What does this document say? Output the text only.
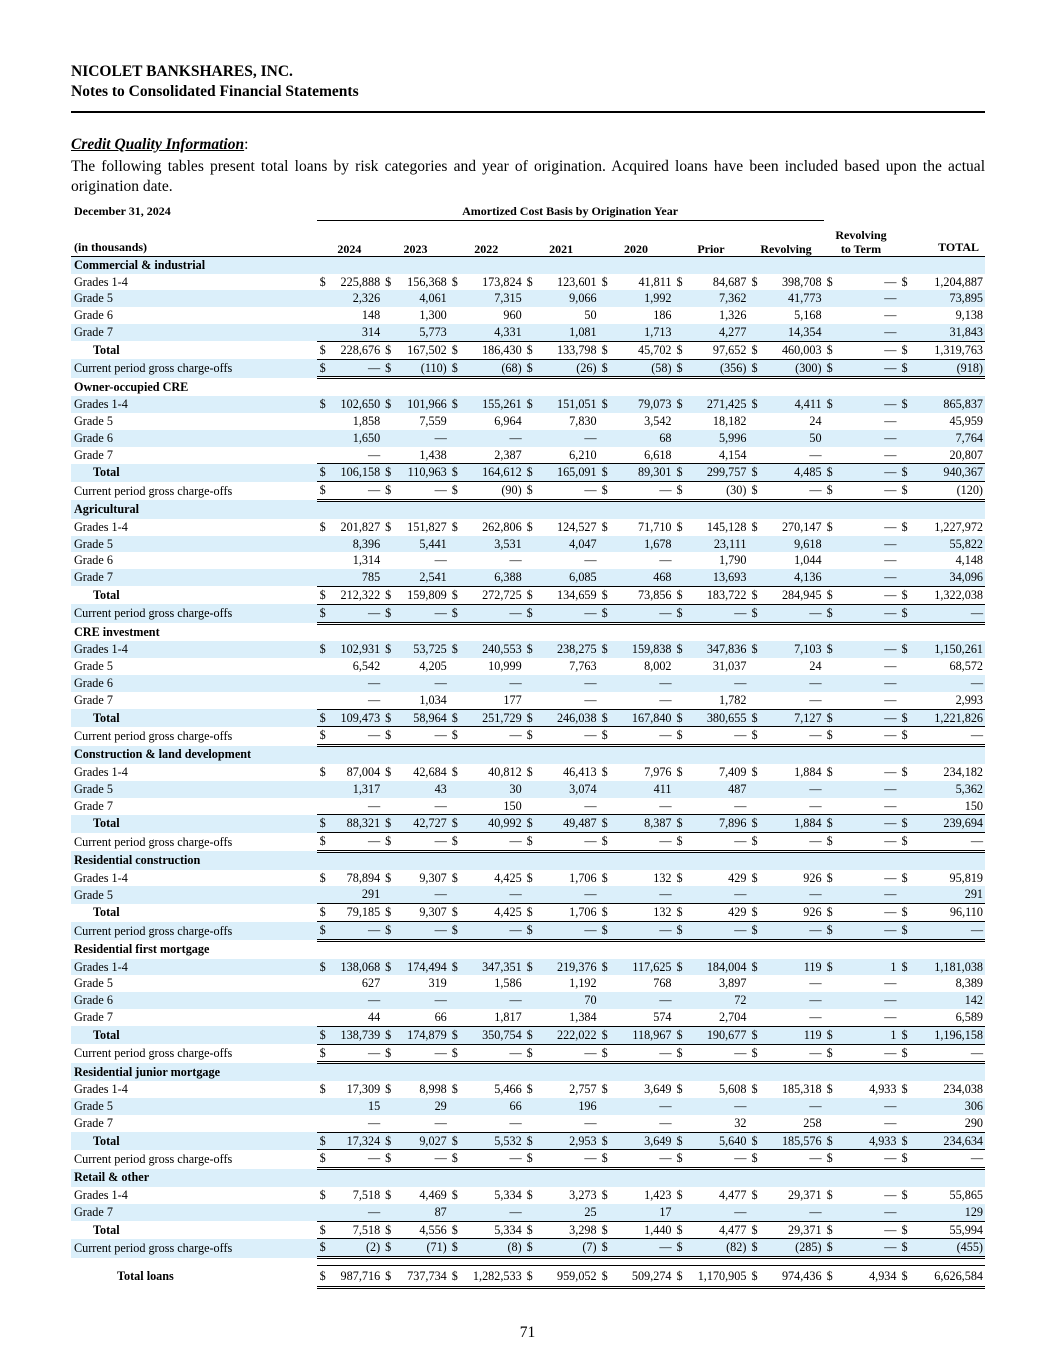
NICOLET BANKSHARES, INC.
Notes to Consolidated Financial Statements
Credit Quality Information:
The following tables present total loans by risk categories and year of origination. Acquired loans have been included based upon the actual origination date.
December 31, 2024	Amortized Cost Basis by Origination Year																	
(in thousands)	2024		2023		2022		2021		2020		Prior		Revolving		Revolving
to Term		TOTAL	
Commercial & industrial																		
Grades 1-4	$	225,888	$	156,368	$	173,824	$	123,601	$	41,811	$	84,687	$	398,708	$	—	$	1,204,887
Grade 5		2,326		4,061		7,315		9,066		1,992		7,362		41,773		—		73,895
Grade 6		148		1,300		960		50		186		1,326		5,168		—		9,138
Grade 7		314		5,773		4,331		1,081		1,713		4,277		14,354		—		31,843
Total	$	228,676	$	167,502	$	186,430	$	133,798	$	45,702	$	97,652	$	460,003	$	—	$	1,319,763
Current period gross charge-offs	$	—	$	(110)	$	(68)	$	(26)	$	(58)	$	(356)	$	(300)	$	—	$	(918)
Owner-occupied CRE																		
Grades 1-4	$	102,650	$	101,966	$	155,261	$	151,051	$	79,073	$	271,425	$	4,411	$	—	$	865,837
Grade 5		1,858		7,559		6,964		7,830		3,542		18,182		24		—		45,959
Grade 6		1,650		—		—		—		68		5,996		50		—		7,764
Grade 7		—		1,438		2,387		6,210		6,618		4,154		—		—		20,807
Total	$	106,158	$	110,963	$	164,612	$	165,091	$	89,301	$	299,757	$	4,485	$	—	$	940,367
Current period gross charge-offs	$	—	$	—	$	(90)	$	—	$	—	$	(30)	$	—	$	—	$	(120)
Agricultural																		
Grades 1-4	$	201,827	$	151,827	$	262,806	$	124,527	$	71,710	$	145,128	$	270,147	$	—	$	1,227,972
Grade 5		8,396		5,441		3,531		4,047		1,678		23,111		9,618		—		55,822
Grade 6		1,314		—		—		—		—		1,790		1,044		—		4,148
Grade 7		785		2,541		6,388		6,085		468		13,693		4,136		—		34,096
Total	$	212,322	$	159,809	$	272,725	$	134,659	$	73,856	$	183,722	$	284,945	$	—	$	1,322,038
Current period gross charge-offs	$	—	$	—	$	—	$	—	$	—	$	—	$	—	$	—	$	—
CRE investment																		
Grades 1-4	$	102,931	$	53,725	$	240,553	$	238,275	$	159,838	$	347,836	$	7,103	$	—	$	1,150,261
Grade 5		6,542		4,205		10,999		7,763		8,002		31,037		24		—		68,572
Grade 6		—		—		—		—		—		—		—		—		—
Grade 7		—		1,034		177		—		—		1,782		—		—		2,993
Total	$	109,473	$	58,964	$	251,729	$	246,038	$	167,840	$	380,655	$	7,127	$	—	$	1,221,826
Current period gross charge-offs	$	—	$	—	$	—	$	—	$	—	$	—	$	—	$	—	$	—
Construction & land development																		
Grades 1-4	$	87,004	$	42,684	$	40,812	$	46,413	$	7,976	$	7,409	$	1,884	$	—	$	234,182
Grade 5		1,317		43		30		3,074		411		487		—		—		5,362
Grade 7		—		—		150		—		—		—		—		—		150
Total	$	88,321	$	42,727	$	40,992	$	49,487	$	8,387	$	7,896	$	1,884	$	—	$	239,694
Current period gross charge-offs	$	—	$	—	$	—	$	—	$	—	$	—	$	—	$	—	$	—
Residential construction																		
Grades 1-4	$	78,894	$	9,307	$	4,425	$	1,706	$	132	$	429	$	926	$	—	$	95,819
Grade 5		291		—		—		—		—		—		—		—		291
Total	$	79,185	$	9,307	$	4,425	$	1,706	$	132	$	429	$	926	$	—	$	96,110
Current period gross charge-offs	$	—	$	—	$	—	$	—	$	—	$	—	$	—	$	—	$	—
Residential first mortgage																		
Grades 1-4	$	138,068	$	174,494	$	347,351	$	219,376	$	117,625	$	184,004	$	119	$	1	$	1,181,038
Grade 5		627		319		1,586		1,192		768		3,897		—		—		8,389
Grade 6		—		—		—		70		—		72		—		—		142
Grade 7		44		66		1,817		1,384		574		2,704		—		—		6,589
Total	$	138,739	$	174,879	$	350,754	$	222,022	$	118,967	$	190,677	$	119	$	1	$	1,196,158
Current period gross charge-offs	$	—	$	—	$	—	$	—	$	—	$	—	$	—	$	—	$	—
Residential junior mortgage																		
Grades 1-4	$	17,309	$	8,998	$	5,466	$	2,757	$	3,649	$	5,608	$	185,318	$	4,933	$	234,038
Grade 5		15		29		66		196		—		—		—		—		306
Grade 7		—		—		—		—		—		32		258		—		290
Total	$	17,324	$	9,027	$	5,532	$	2,953	$	3,649	$	5,640	$	185,576	$	4,933	$	234,634
Current period gross charge-offs	$	—	$	—	$	—	$	—	$	—	$	—	$	—	$	—	$	—
Retail & other																		
Grades 1-4	$	7,518	$	4,469	$	5,334	$	3,273	$	1,423	$	4,477	$	29,371	$	—	$	55,865
Grade 7		—		87		—		25		17		—		—		—		129
Total	$	7,518	$	4,556	$	5,334	$	3,298	$	1,440	$	4,477	$	29,371	$	—	$	55,994
Current period gross charge-offs	$	(2)	$	(71)	$	(8)	$	(7)	$	—	$	(82)	$	(285)	$	—	$	(455)

Total loans	$	987,716	$	737,734	$	1,282,533	$	959,052	$	509,274	$	1,170,905	$	974,436	$	4,934	$	6,626,584
71
